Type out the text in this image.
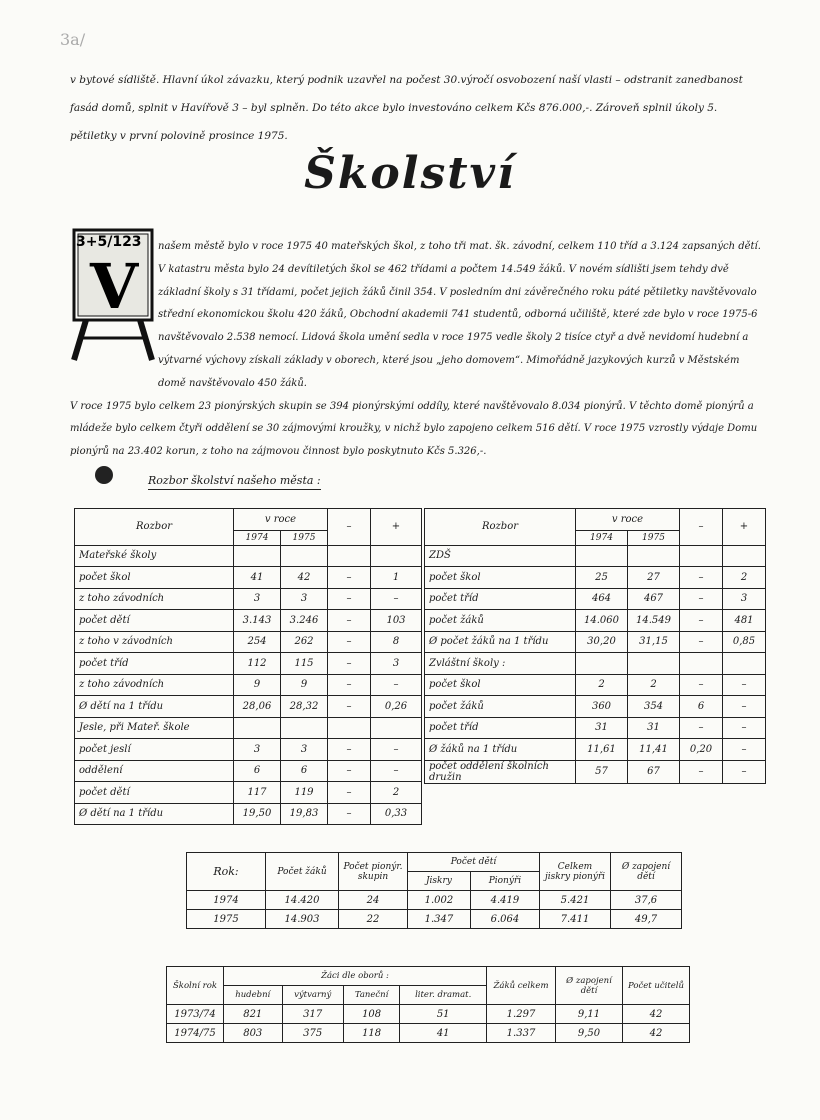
3a/
v bytové sídliště. Hlavní úkol závazku, který podnik uzavřel na počest 30.výročí osvobození naší vlasti – odstranit zanedbanost fasád domů, splnit v Havířově 3 – byl splněn. Do této akce bylo investováno celkem Kčs 876.000,-. Zároveň splnil úkoly 5. pětiletky v první polovině prosince 1975.
Školství
3+5/123
V

našem městě bylo v roce 1975 40 mateřských škol, z toho tři mat. šk. závodní, celkem 110 tříd a 3.124 zapsaných dětí.

V katastru města bylo 24 devítiletých škol se 462 třídami a počtem 14.549 žáků. V novém sídlišti jsem tehdy dvě základní školy s 31 třídami, počet jejich žáků činil 354. V posledním dni závěrečného roku páté pětiletky navštěvovalo střední ekonomickou školu 420 žáků, Obchodní akademii 741 studentů, odborná učiliště, které zde bylo v roce 1975-6 navštěvovalo 2.538 nemocí. Lidová škola umění sedla v roce 1975 vedle školy 2 tisíce ctyř a dvě nevidomí hudební a výtvarné výchovy získali základy v oborech, které jsou „jeho domovem“. Mimořádně jazykových kurzů v Městském domě navštěvovalo 450 žáků.

V roce 1975 bylo celkem 23 pionýrských skupin se 394 pionýrskými oddíly, které navštěvovalo 8.034 pionýrů. V těchto domě pionýrů a mládeže bylo celkem čtyři oddělení se 30 zájmovými kroužky, v nichž bylo zapojeno celkem 516 dětí. V roce 1975 vzrostly výdaje Domu pionýrů na 23.402 korun, z toho na zájmovou činnost bylo poskytnuto Kčs 5.326,-.

Rozbor školství našeho města :
Rozbor	v roce		–	+
	1974	1975		
Mateřské školy				
počet škol	41	42	–	1
z toho závodních	3	3	–	–
počet dětí	3.143	3.246	–	103
z toho v závodních	254	262	–	8
počet tříd	112	115	–	3
z toho závodních	9	9	–	–
Ø dětí na 1 třídu	28,06	28,32	–	0,26
Jesle, při Mateř. škole				
počet jeslí	3	3	–	–
oddělení	6	6	–	–
počet dětí	117	119	–	2
Ø dětí na 1 třídu	19,50	19,83	–	0,33
Rozbor	v roce		–	+
	1974	1975		
ZDŠ				
počet škol	25	27	–	2
počet tříd	464	467	–	3
počet žáků	14.060	14.549	–	481
Ø počet žáků na 1 třídu	30,20	31,15	–	0,85
Zvláštní školy :				
počet škol	2	2	–	–
počet žáků	360	354	6	–
počet tříd	31	31	–	–
Ø žáků na 1 třídu	11,61	11,41	0,20	–
počet oddělení školních družin	57	67	–	–
Rok:	Počet žáků	Počet pionýr. skupin	Počet dětí		Celkem jiskry pionýři	Ø zapojení dětí
			Jiskry	Pionýři		
1974	14.420	24	1.002	4.419	5.421	37,6
1975	14.903	22	1.347	6.064	7.411	49,7
Školní rok	Žáci dle oborů :				Žáků celkem	Ø zapojení dětí	Počet učitelů
	hudební	výtvarný	Taneční	liter. dramat.			
1973/74	821	317	108	51	1.297	9,11	42
1974/75	803	375	118	41	1.337	9,50	42
